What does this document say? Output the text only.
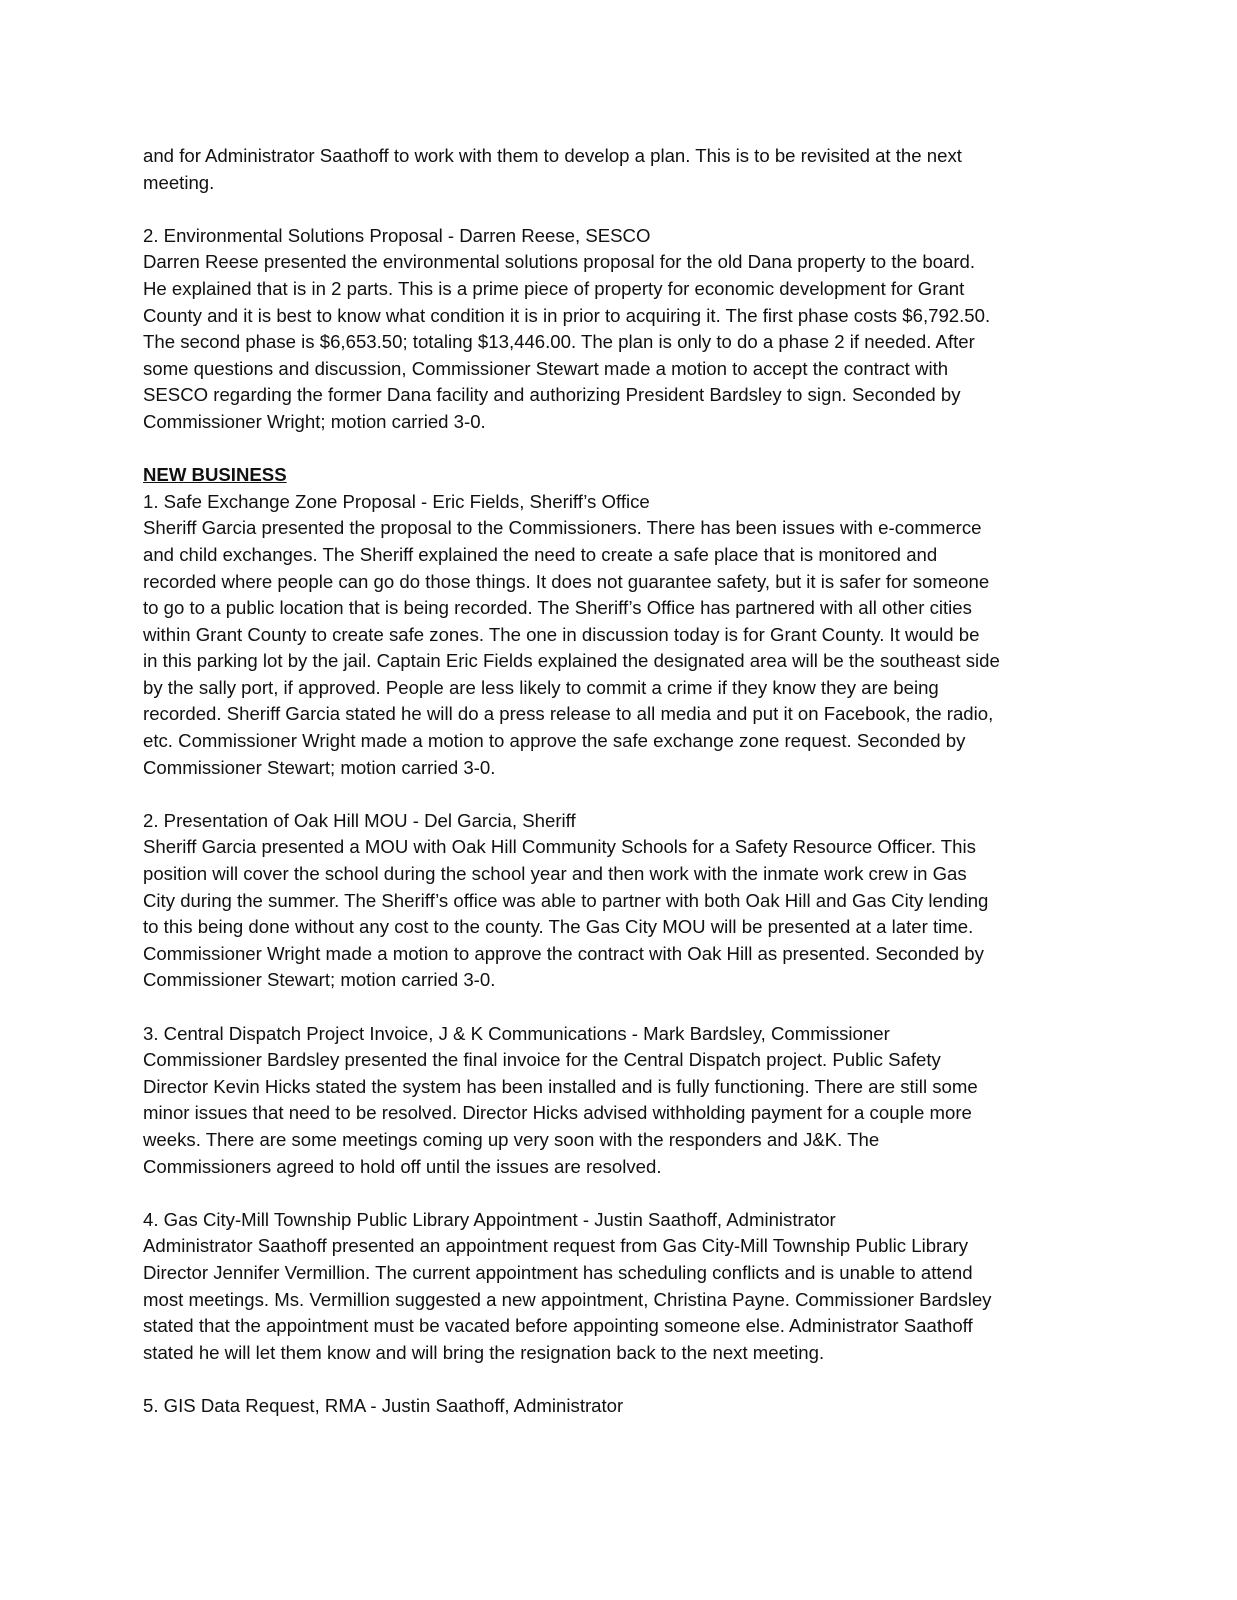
and for Administrator Saathoff to work with them to develop a plan. This is to be revisited at the next
meeting.

2. Environmental Solutions Proposal - Darren Reese, SESCO

Darren Reese presented the environmental solutions proposal for the old Dana property to the board.
He explained that is in 2 parts. This is a prime piece of property for economic development for Grant
County and it is best to know what condition it is in prior to acquiring it. The first phase costs $6,792.50.
The second phase is $6,653.50; totaling $13,446.00. The plan is only to do a phase 2 if needed. After
some questions and discussion, Commissioner Stewart made a motion to accept the contract with
SESCO regarding the former Dana facility and authorizing President Bardsley to sign. Seconded by
Commissioner Wright; motion carried 3-0.

NEW BUSINESS

1. Safe Exchange Zone Proposal - Eric Fields, Sheriff’s Office

Sheriff Garcia presented the proposal to the Commissioners. There has been issues with e-commerce
and child exchanges. The Sheriff explained the need to create a safe place that is monitored and
recorded where people can go do those things. It does not guarantee safety, but it is safer for someone
to go to a public location that is being recorded. The Sheriff’s Office has partnered with all other cities
within Grant County to create safe zones. The one in discussion today is for Grant County. It would be
in this parking lot by the jail. Captain Eric Fields explained the designated area will be the southeast side
by the sally port, if approved. People are less likely to commit a crime if they know they are being
recorded. Sheriff Garcia stated he will do a press release to all media and put it on Facebook, the radio,
etc. Commissioner Wright made a motion to approve the safe exchange zone request. Seconded by
Commissioner Stewart; motion carried 3-0.

2. Presentation of Oak Hill MOU - Del Garcia, Sheriff

Sheriff Garcia presented a MOU with Oak Hill Community Schools for a Safety Resource Officer. This
position will cover the school during the school year and then work with the inmate work crew in Gas
City during the summer. The Sheriff’s office was able to partner with both Oak Hill and Gas City lending
to this being done without any cost to the county. The Gas City MOU will be presented at a later time.
Commissioner Wright made a motion to approve the contract with Oak Hill as presented. Seconded by
Commissioner Stewart; motion carried 3-0.

3. Central Dispatch Project Invoice, J & K Communications - Mark Bardsley, Commissioner

Commissioner Bardsley presented the final invoice for the Central Dispatch project. Public Safety
Director Kevin Hicks stated the system has been installed and is fully functioning. There are still some
minor issues that need to be resolved. Director Hicks advised withholding payment for a couple more
weeks. There are some meetings coming up very soon with the responders and J&K. The
Commissioners agreed to hold off until the issues are resolved.

4. Gas City-Mill Township Public Library Appointment - Justin Saathoff, Administrator

Administrator Saathoff presented an appointment request from Gas City-Mill Township Public Library
Director Jennifer Vermillion. The current appointment has scheduling conflicts and is unable to attend
most meetings. Ms. Vermillion suggested a new appointment, Christina Payne. Commissioner Bardsley
stated that the appointment must be vacated before appointing someone else. Administrator Saathoff
stated he will let them know and will bring the resignation back to the next meeting.

5. GIS Data Request, RMA - Justin Saathoff, Administrator
